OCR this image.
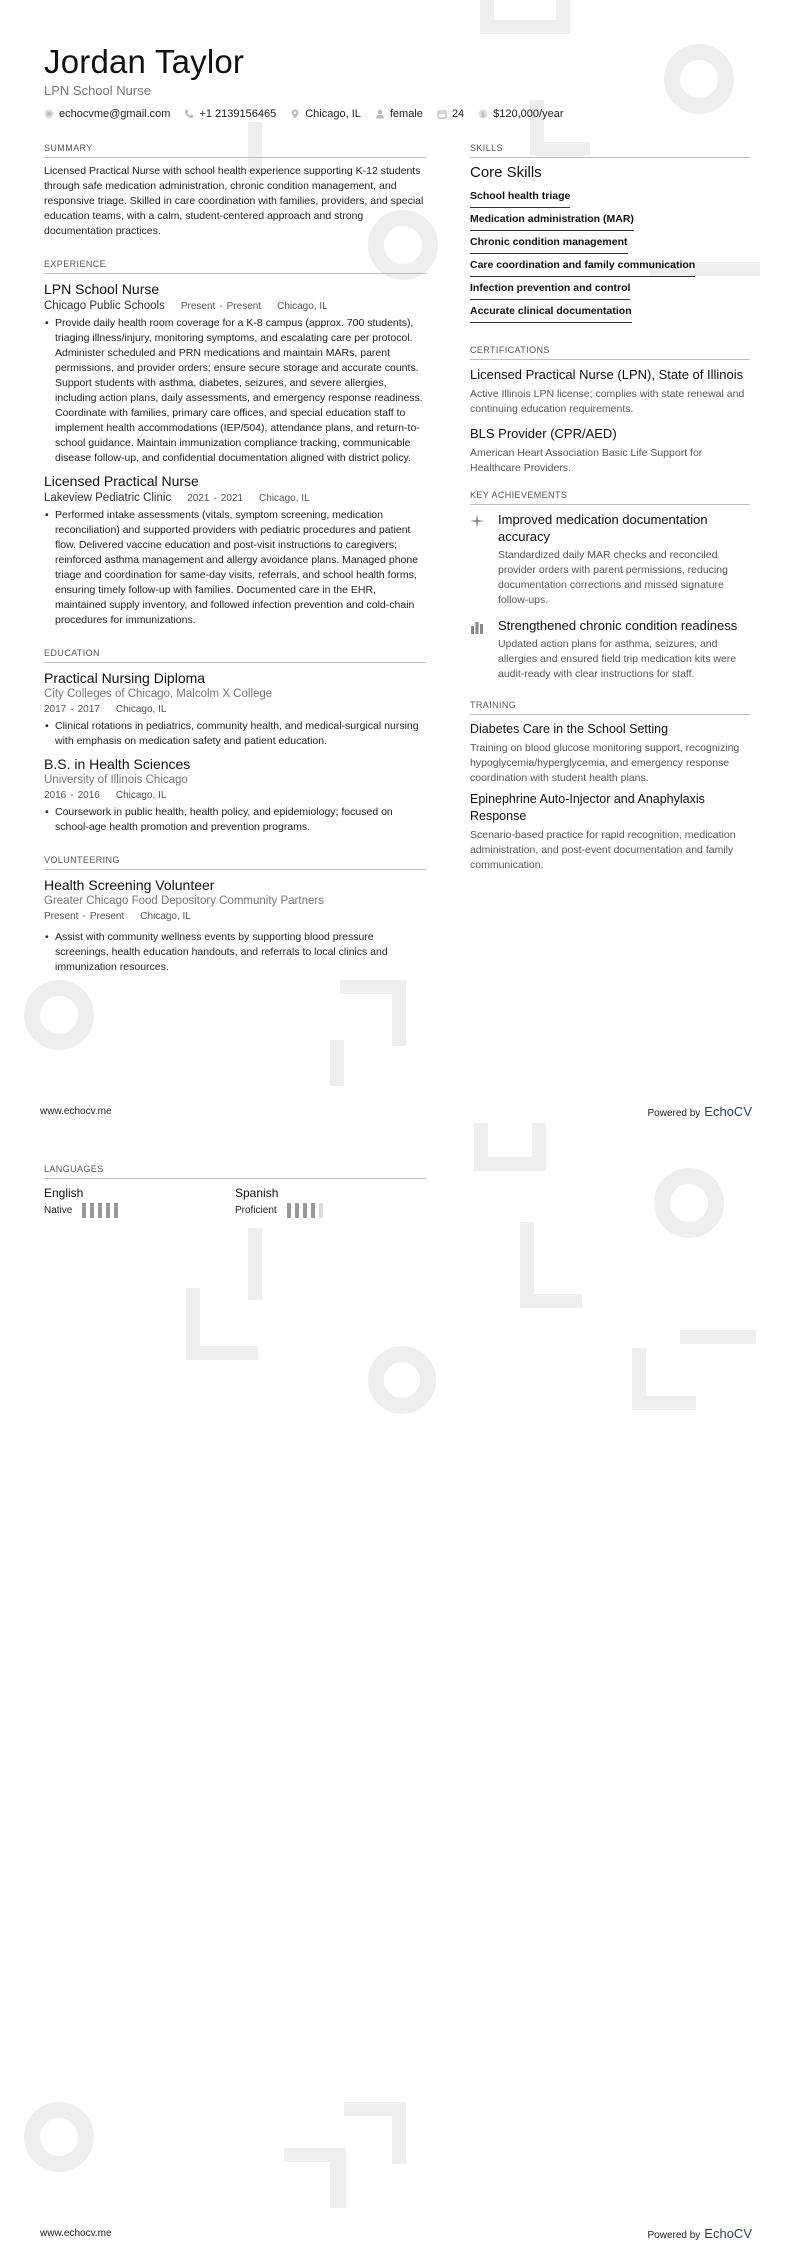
Jordan Taylor
LPN School Nurse
echocvme@gmail.com	+1 2139156465	Chicago, IL	female	24	$ $120,000/year
SUMMARY
Licensed Practical Nurse with school health experience supporting K-12 students through safe medication administration, chronic condition management, and responsive triage. Skilled in care coordination with families, providers, and special education teams, with a calm, student-centered approach and strong documentation practices.
EXPERIENCE
LPN School Nurse
Chicago Public Schools Present - Present Chicago, IL
• Provide daily health room coverage for a K-8 campus (approx. 700 students), triaging illness/injury, monitoring symptoms, and escalating care per protocol. Administer scheduled and PRN medications and maintain MARs, parent permissions, and provider orders; ensure secure storage and accurate counts. Support students with asthma, diabetes, seizures, and severe allergies, including action plans, daily assessments, and emergency response readiness. Coordinate with families, primary care offices, and special education staff to implement health accommodations (IEP/504), attendance plans, and return-to-school guidance. Maintain immunization compliance tracking, communicable disease follow-up, and confidential documentation aligned with district policy.
Licensed Practical Nurse
Lakeview Pediatric Clinic 2021 - 2021 Chicago, IL
• Performed intake assessments (vitals, symptom screening, medication reconciliation) and supported providers with pediatric procedures and patient flow. Delivered vaccine education and post-visit instructions to caregivers; reinforced asthma management and allergy avoidance plans. Managed phone triage and coordination for same-day visits, referrals, and school health forms, ensuring timely follow-up with families. Documented care in the EHR, maintained supply inventory, and followed infection prevention and cold-chain procedures for immunizations.
EDUCATION
Practical Nursing Diploma
City Colleges of Chicago, Malcolm X College
2017 - 2017 Chicago, IL
• Clinical rotations in pediatrics, community health, and medical-surgical nursing with emphasis on medication safety and patient education.
B.S. in Health Sciences
University of Illinois Chicago
2016 - 2016 Chicago, IL
• Coursework in public health, health policy, and epidemiology; focused on school-age health promotion and prevention programs.
VOLUNTEERING
Health Screening Volunteer
Greater Chicago Food Depository Community Partners
Present - Present Chicago, IL
• Assist with community wellness events by supporting blood pressure screenings, health education handouts, and referrals to local clinics and immunization resources.
SKILLS
Core Skills
School health triage
Medication administration (MAR)
Chronic condition management
Care coordination and family communication
Infection prevention and control
Accurate clinical documentation
CERTIFICATIONS
Licensed Practical Nurse (LPN), State of Illinois
Active Illinois LPN license; complies with state renewal and continuing education requirements.
BLS Provider (CPR/AED)
American Heart Association Basic Life Support for Healthcare Providers.
KEY ACHIEVEMENTS
Improved medication documentation accuracy
Standardized daily MAR checks and reconciled provider orders with parent permissions, reducing documentation corrections and missed signature follow-ups.
Strengthened chronic condition readiness
Updated action plans for asthma, seizures, and allergies and ensured field trip medication kits were audit-ready with clear instructions for staff.
TRAINING
Diabetes Care in the School Setting
Training on blood glucose monitoring support, recognizing hypoglycemia/hyperglycemia, and emergency response coordination with student health plans.
Epinephrine Auto-Injector and Anaphylaxis Response
Scenario-based practice for rapid recognition, medication administration, and post-event documentation and family communication.
www.echocv.me	Powered by EchoCV
LANGUAGES
English
Native
Spanish
Proficient
www.echocv.me	Powered by EchoCV
